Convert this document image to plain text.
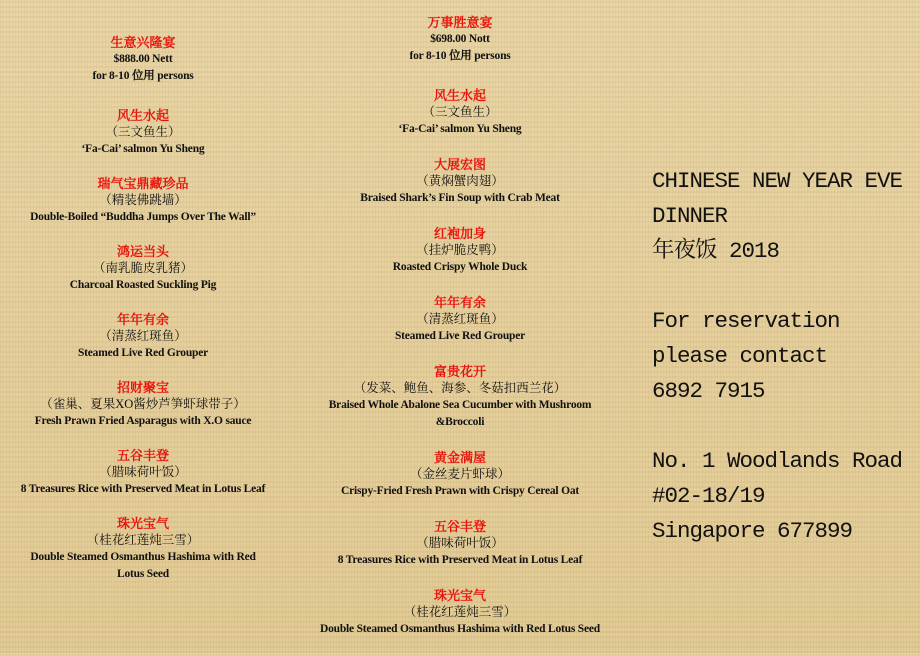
生意兴隆宴
$888.00 Nett
for 8-10 位用 persons
风生水起
（三文鱼生）
‘Fa-Cai’ salmon Yu Sheng
瑞气宝鼎藏珍品
（精装佛跳墙）
Double-Boiled “Buddha Jumps Over The Wall”
鸿运当头
（南乳脆皮乳猪）
Charcoal Roasted Suckling Pig
年年有余
（清蒸红斑鱼）
Steamed Live Red Grouper
招财聚宝
（雀巢、夏果XO酱炒芦笋虾球带子）
Fresh Prawn Fried Asparagus with X.O sauce
五谷丰登
（腊味荷叶饭）
8 Treasures Rice with Preserved Meat in Lotus Leaf
珠光宝气
（桂花红莲炖三雪）
Double Steamed Osmanthus Hashima with Red
Lotus Seed
万事胜意宴
$698.00 Nott
for 8-10 位用 persons
风生水起
（三文鱼生）
‘Fa-Cai’ salmon Yu Sheng
大展宏图
（黄焖蟹肉翅）
Braised Shark’s Fin Soup with Crab Meat
红袍加身
（挂炉脆皮鸭）
Roasted Crispy Whole Duck
年年有余
（清蒸红斑鱼）
Steamed Live Red Grouper
富贵花开
（发菜、鲍鱼、海参、冬菇扣西兰花）
Braised Whole Abalone Sea Cucumber with Mushroom
&Broccoli
黄金满屋
（金丝麦片虾球）
Crispy-Fried Fresh Prawn with Crispy Cereal Oat
五谷丰登
（腊味荷叶饭）
8 Treasures Rice with Preserved Meat in Lotus Leaf
珠光宝气
（桂花红莲炖三雪）
Double Steamed Osmanthus Hashima with Red Lotus Seed
CHINESE NEW YEAR EVE
DINNER
年夜饭 2018
For reservation
please contact
6892 7915
No. 1 Woodlands Road
#02-18/19
Singapore 677899
